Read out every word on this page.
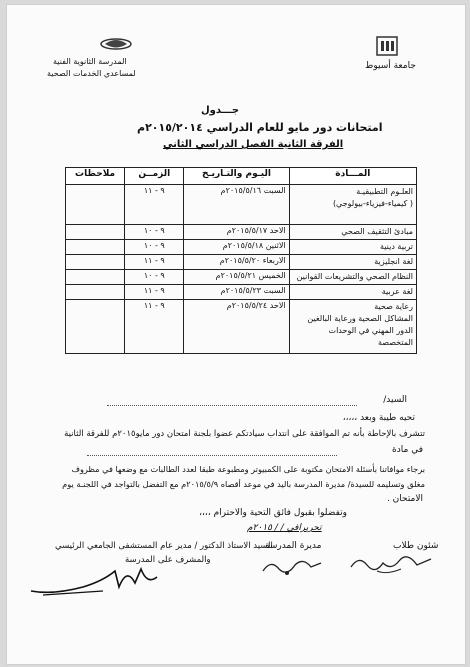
المدرسة الثانوية الفنية
لمساعدي الخدمات الصحية
جامعة أسيوط
جـــدول
امتحانات دور مايو للعام الدراسي ٢٠١٥/٢٠١٤م
الفرقة الثانية الفصل الدراسي الثاني
المـــادة	اليـوم والتـاريـخ	الزمــن	ملاحظات

العلـوم التطبيقيـة
( كيمياء-فيزياء-بيولوجي)	السبت ٢٠١٥/٥/١٦م	٩ - ١١	

مبادئ التثقيف الصحي	الاحد ٢٠١٥/٥/١٧م	٩ - ١٠	

تربية دينية	الاثنين ٢٠١٥/٥/١٨م	٩ - ١٠	

لغة انجليزية	الاربعاء ٢٠١٥/٥/٢٠م	٩ - ١١	

النظام الصحي والتشريعات القوانين	الخميس ٢٠١٥/٥/٢١م	٩ - ١٠	

لغة عربية	السبت ٢٠١٥/٥/٢٣م	٩ - ١١	

رعاية صحية
المشاكل الصحية ورعاية البالغين
الدور المهني في الوحدات المتخصصة	الاحد ٢٠١٥/٥/٢٤م	٩ - ١١	
السيد/
تحيه طيبة وبعد ،،،،،
تتشرف بالإحاطة بأنه تم الموافقة على انتداب سيادتكم عضوا بلجنة امتحان دور مايو٢٠١٥م للفرقة الثانية
في مادة
برجاء موافاتنا بأسئلة الامتحان مكتوبة على الكمبيوتر ومطبوعة طبقا لعدد الطالبات مع وضعها في مظروف
مغلق وتسليمه للسيدة/ مديرة المدرسة باليد في موعد أقصاه ٢٠١٥/٥/٩م مع التفضل بالتواجد في اللجنـة يوم
الامتحان .
وتفضلوا بقبول فائق التحية والاحترام ،،،،
تحريرافي / / ٢٠١٥م
شئون طلاب
مديرة المدرسة
السيد الاستاذ الدكتور / مدير عام المستشفى الجامعي الرئيسي
والمشرف على المدرسة
